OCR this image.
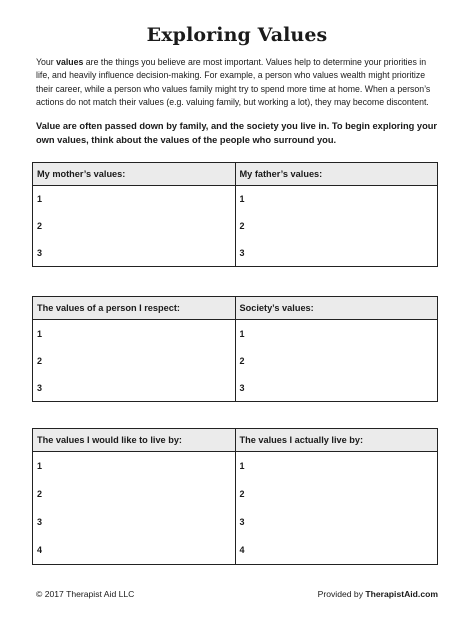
Exploring Values
Your values are the things you believe are most important. Values help to determine your priorities in life, and heavily influence decision-making. For example, a person who values wealth might prioritize their career, while a person who values family might try to spend more time at home. When a person’s actions do not match their values (e.g. valuing family, but working a lot), they may become discontent.
Value are often passed down by family, and the society you live in. To begin exploring your own values, think about the values of the people who surround you.
My mother’s values:	My father’s values:
1	1
2	2
3	3
The values of a person I respect:	Society’s values:
1	1
2	2
3	3
The values I would like to live by:	The values I actually live by:
1	1
2	2
3	3
4	4
© 2017 Therapist Aid LLC	Provided by TherapistAid.com
